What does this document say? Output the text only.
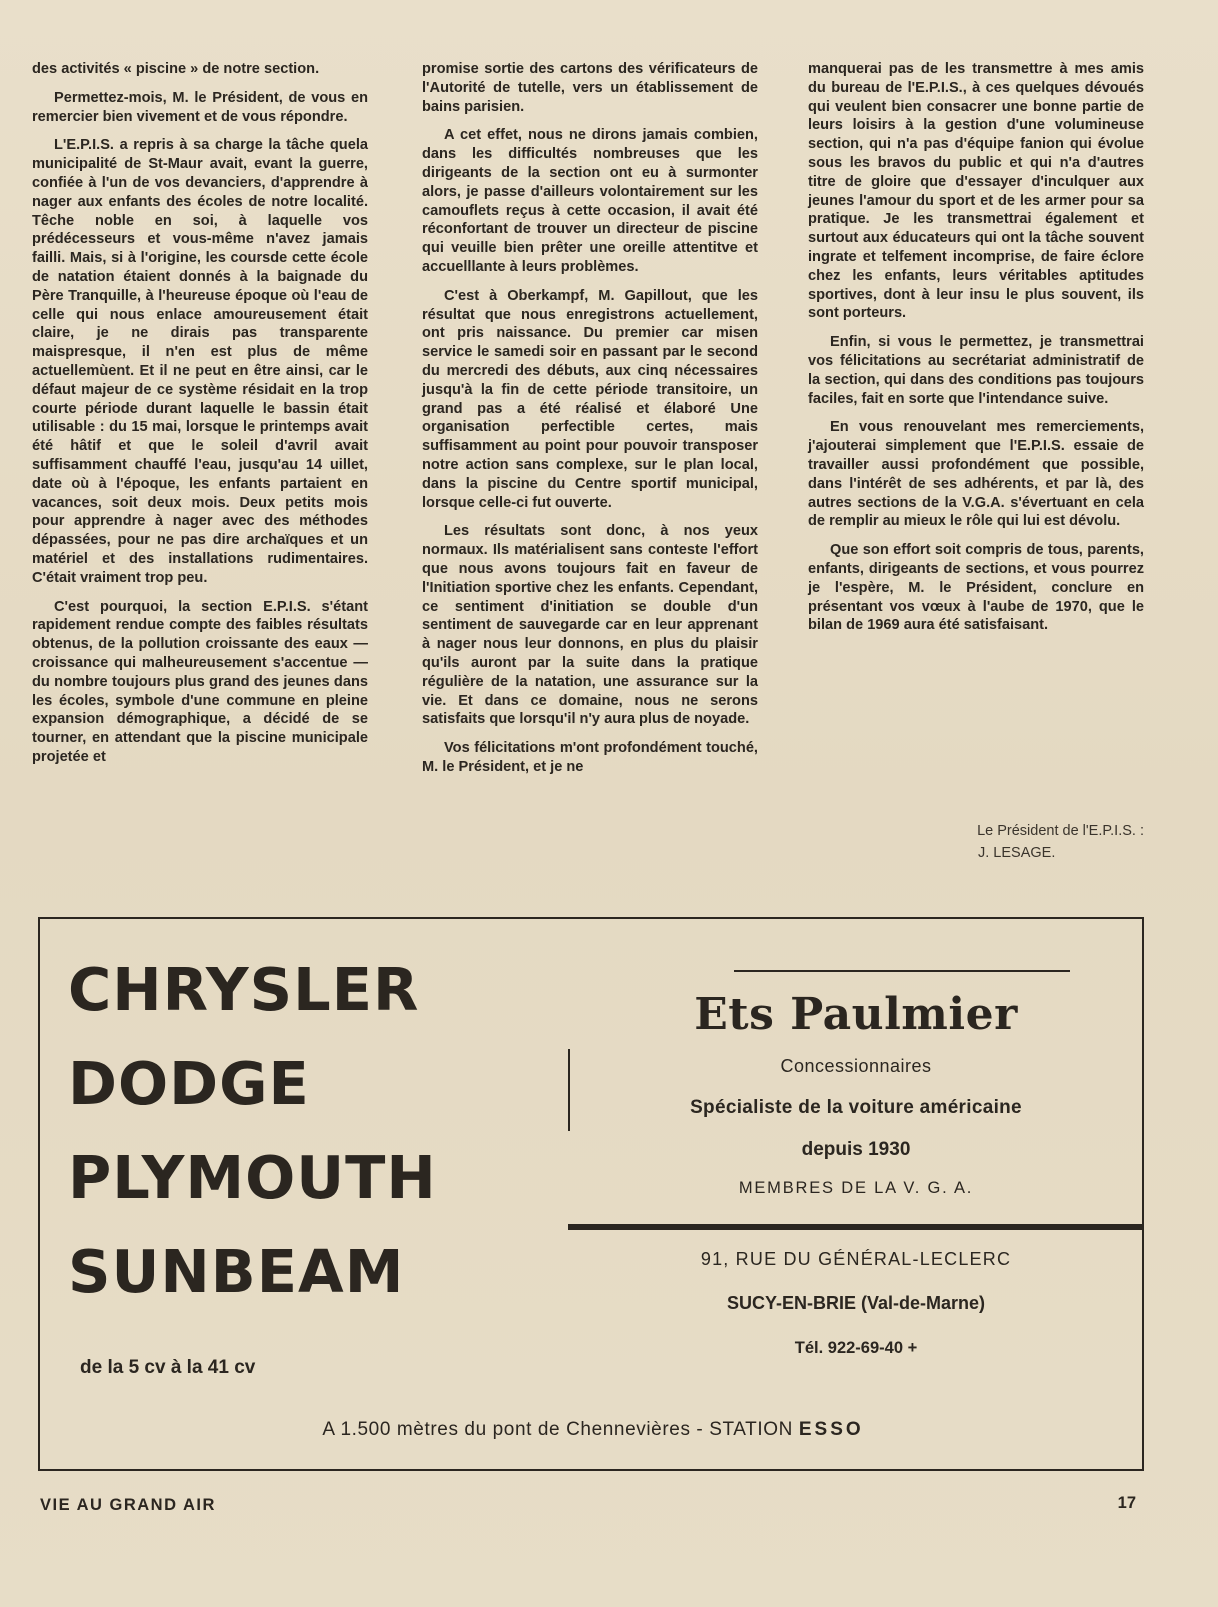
des activités « piscine » de notre section.

Permettez-mois, M. le Président, de vous en remercier bien vivement et de vous répondre.

L'E.P.I.S. a repris à sa charge la tâche quela municipalité de St-Maur avait, evant la guerre, confiée à l'un de vos devanciers, d'apprendre à nager aux enfants des écoles de notre localité. Têche noble en soi, à laquelle vos prédécesseurs et vous-même n'avez jamais failli. Mais, si à l'origine, les coursde cette école de natation étaient donnés à la baignade du Père Tranquille, à l'heureuse époque où l'eau de celle qui nous enlace amoureusement était claire, je ne dirais pas transparente maispresque, il n'en est plus de même actuellemùent. Et il ne peut en être ainsi, car le défaut majeur de ce système résidait en la trop courte période durant laquelle le bassin était utilisable : du 15 mai, lorsque le printemps avait été hâtif et que le soleil d'avril avait suffisamment chauffé l'eau, jusqu'au 14 uillet, date où à l'époque, les enfants partaient en vacances, soit deux mois. Deux petits mois pour apprendre à nager avec des méthodes dépassées, pour ne pas dire archaïques et un matériel et des installations rudimentaires. C'était vraiment trop peu.

C'est pourquoi, la section E.P.I.S. s'étant rapidement rendue compte des faibles résultats obtenus, de la pollution croissante des eaux — croissance qui malheureusement s'accentue — du nombre toujours plus grand des jeunes dans les écoles, symbole d'une commune en pleine expansion démographique, a décidé de se tourner, en attendant que la piscine municipale projetée et

promise sortie des cartons des vérificateurs de l'Autorité de tutelle, vers un établissement de bains parisien.

A cet effet, nous ne dirons jamais combien, dans les difficultés nombreuses que les dirigeants de la section ont eu à surmonter alors, je passe d'ailleurs volontairement sur les camouflets reçus à cette occasion, il avait été réconfortant de trouver un directeur de piscine qui veuille bien prêter une oreille attentitve et accuelllante à leurs problèmes.

C'est à Oberkampf, M. Gapillout, que les résultat que nous enregistrons actuellement, ont pris naissance. Du premier car misen service le samedi soir en passant par le second du mercredi des débuts, aux cinq nécessaires jusqu'à la fin de cette période transitoire, un grand pas a été réalisé et élaboré Une organisation perfectible certes, mais suffisamment au point pour pouvoir transposer notre action sans complexe, sur le plan local, dans la piscine du Centre sportif municipal, lorsque celle-ci fut ouverte.

Les résultats sont donc, à nos yeux normaux. Ils matérialisent sans conteste l'effort que nous avons toujours fait en faveur de l'Initiation sportive chez les enfants. Cependant, ce sentiment d'initiation se double d'un sentiment de sauvegarde car en leur apprenant à nager nous leur donnons, en plus du plaisir qu'ils auront par la suite dans la pratique régulière de la natation, une assurance sur la vie. Et dans ce domaine, nous ne serons satisfaits que lorsqu'il n'y aura plus de noyade.

Vos félicitations m'ont profondément touché, M. le Président, et je ne

manquerai pas de les transmettre à mes amis du bureau de l'E.P.I.S., à ces quelques dévoués qui veulent bien consacrer une bonne partie de leurs loisirs à la gestion d'une volumineuse section, qui n'a pas d'équipe fanion qui évolue sous les bravos du public et qui n'a d'autres titre de gloire que d'essayer d'inculquer aux jeunes l'amour du sport et de les armer pour sa pratique. Je les transmettrai également et surtout aux éducateurs qui ont la tâche souvent ingrate et telfement incomprise, de faire éclore chez les enfants, leurs véritables aptitudes sportives, dont à leur insu le plus souvent, ils sont porteurs.

Enfin, si vous le permettez, je transmettrai vos félicitations au secrétariat administratif de la section, qui dans des conditions pas toujours faciles, fait en sorte que l'intendance suive.

En vous renouvelant mes remerciements, j'ajouterai simplement que l'E.P.I.S. essaie de travailler aussi profondément que possible, dans l'intérêt de ses adhérents, et par là, des autres sections de la V.G.A. s'évertuant en cela de remplir au mieux le rôle qui lui est dévolu.

Que son effort soit compris de tous, parents, enfants, dirigeants de sections, et vous pourrez je l'espère, M. le Président, conclure en présentant vos vœux à l'aube de 1970, que le bilan de 1969 aura été satisfaisant.

Le Président de l'E.P.I.S. :
J. LESAGE.
CHRYSLER
DODGE
PLYMOUTH
SUNBEAM
de la 5 cv à la 41 cv
Ets Paulmier
Concessionnaires
Spécialiste de la voiture américaine
depuis 1930
MEMBRES DE LA V. G. A.
91, RUE DU GÉNÉRAL-LECLERC
SUCY-EN-BRIE (Val-de-Marne)
Tél. 922-69-40 +
A 1.500 mètres du pont de Chennevières - STATION ESSO
VIE AU GRAND AIR	17
